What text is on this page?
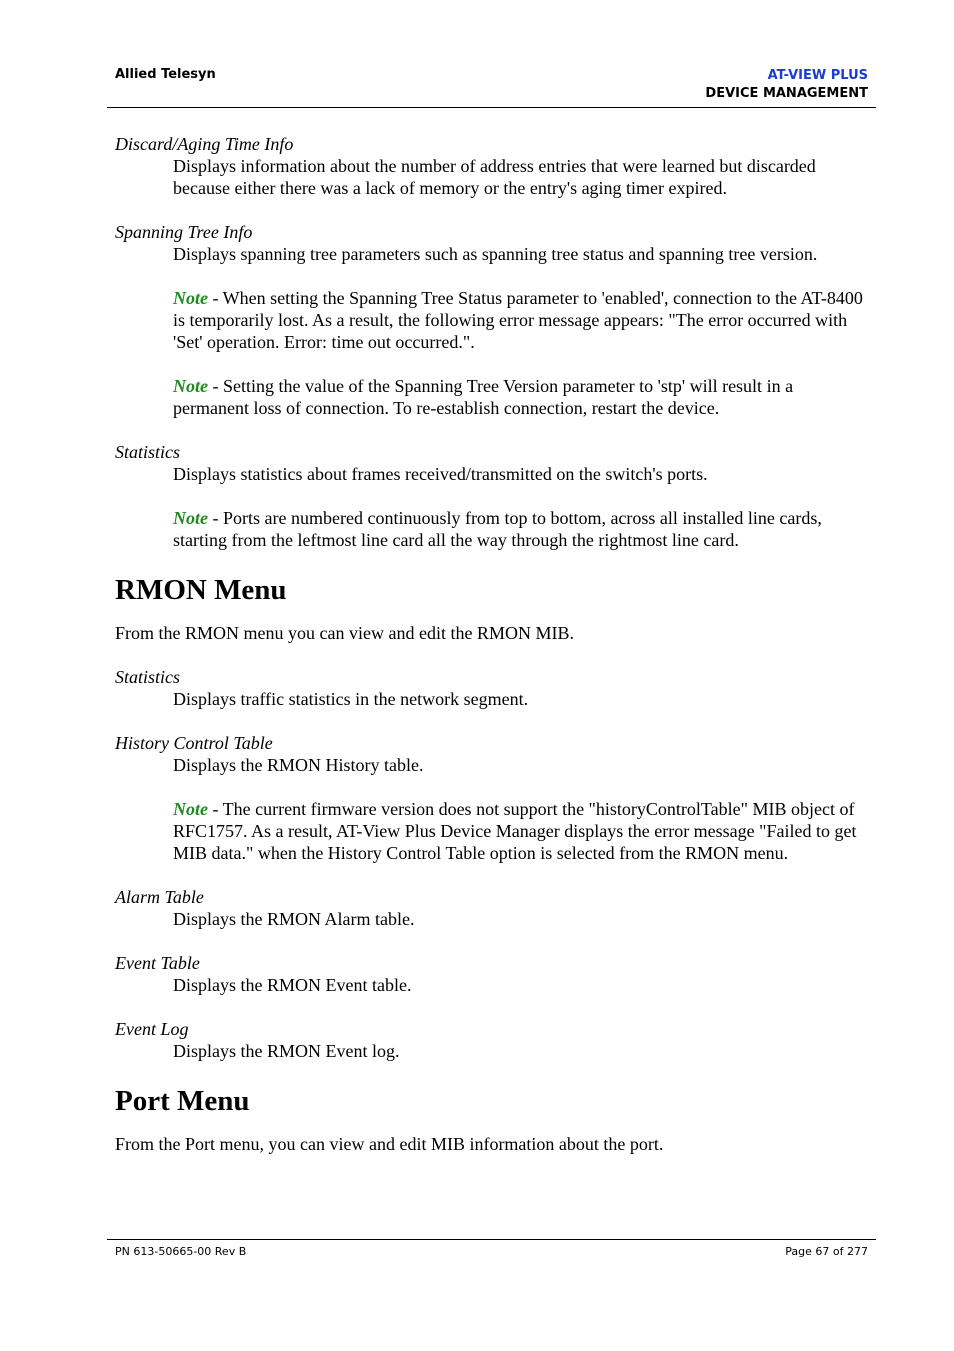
Allied Telesyn	AT-VIEW PLUS
DEVICE MANAGEMENT

Discard/Aging Time Info

Displays information about the number of address entries that were learned but discarded because either there was a lack of memory or the entry's aging timer expired.

Spanning Tree Info

Displays spanning tree parameters such as spanning tree status and spanning tree version.

Note - When setting the Spanning Tree Status parameter to 'enabled', connection to the AT-8400 is temporarily lost. As a result, the following error message appears: "The error occurred with 'Set' operation. Error: time out occurred.".

Note - Setting the value of the Spanning Tree Version parameter to 'stp' will result in a permanent loss of connection. To re-establish connection, restart the device.

Statistics

Displays statistics about frames received/transmitted on the switch's ports.

Note - Ports are numbered continuously from top to bottom, across all installed line cards, starting from the leftmost line card all the way through the rightmost line card.

RMON Menu

From the RMON menu you can view and edit the RMON MIB.

Statistics

Displays traffic statistics in the network segment.

History Control Table

Displays the RMON History table.

Note - The current firmware version does not support the "historyControlTable" MIB object of RFC1757. As a result, AT-View Plus Device Manager displays the error message "Failed to get MIB data." when the History Control Table option is selected from the RMON menu.

Alarm Table

Displays the RMON Alarm table.

Event Table

Displays the RMON Event table.

Event Log

Displays the RMON Event log.

Port Menu

From the Port menu, you can view and edit MIB information about the port.

PN 613-50665-00 Rev B	Page 67 of 277
